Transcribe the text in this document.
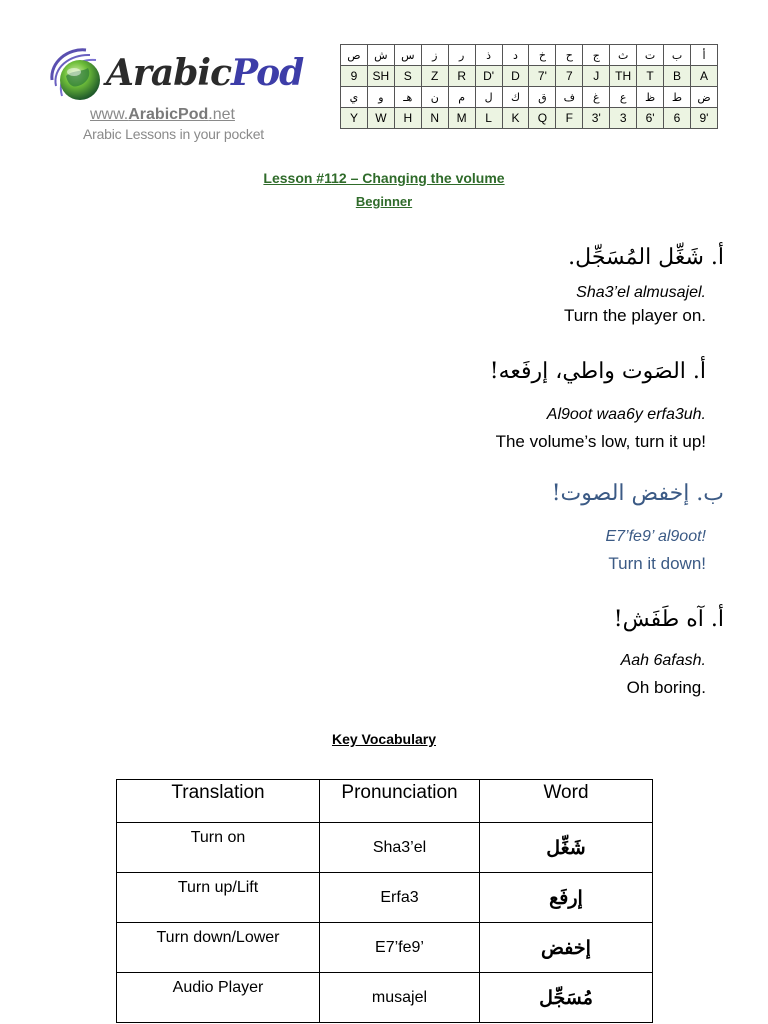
ArabicPod
www.ArabicPod.net
Arabic Lessons in your pocket
ص	ش	س	ز	ر	ذ	د	خ	ح	ج	ث	ت	ب	أ
9	SH	S	Z	R	D'	D	7'	7	J	TH	T	B	A
ي	و	هـ	ن	م	ل	ك	ق	ف	غ	ع	ظ	ط	ض
Y	W	H	N	M	L	K	Q	F	3'	3	6'	6	9'
Lesson #112 – Changing the volume
Beginner
أ. شَغِّل المُسَجِّل.
Sha3’el almusajel.
Turn the player on.
أ. الصَوت واطي، إرفَعه!
Al9oot waa6y erfa3uh.
The volume’s low, turn it up!
ب. إخفض الصوت!
E7’fe9’ al9oot!
Turn it down!
أ. آه طَفَش!
Aah 6afash.
Oh boring.
Key Vocabulary
Translation	Pronunciation	Word
Turn on	Sha3’el	شَغِّل
Turn up/Lift	Erfa3	إرفَع
Turn down/Lower	E7’fe9’	إخفض
Audio Player	musajel	مُسَجِّل
